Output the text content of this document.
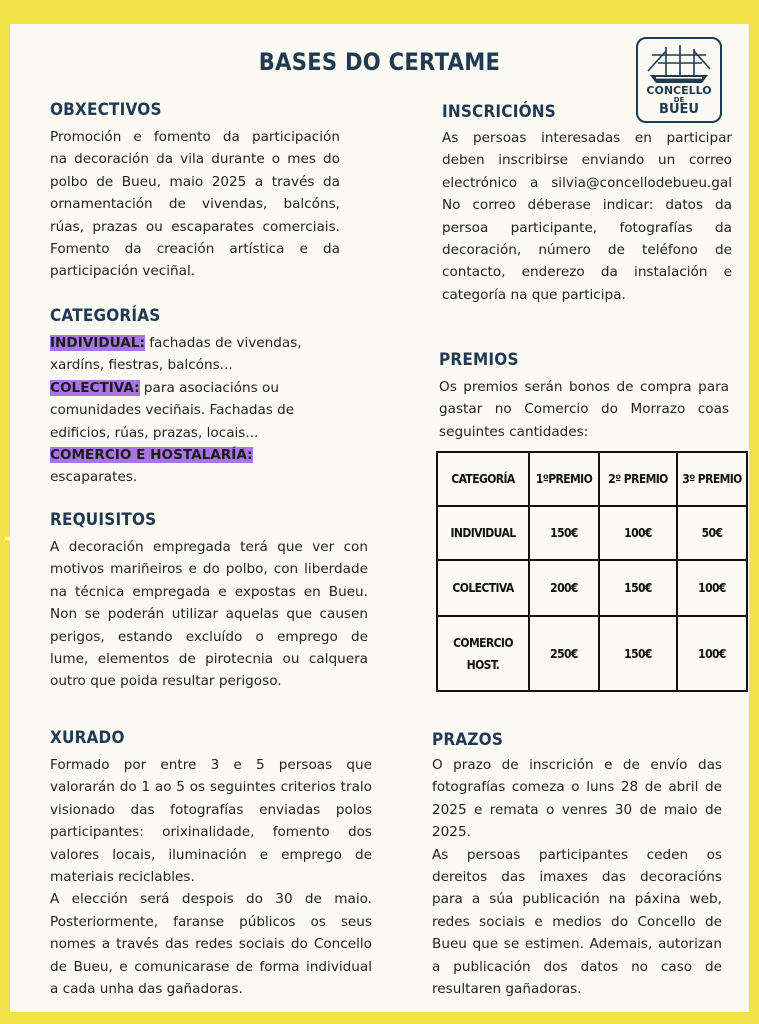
BASES DO CERTAME
CONCELLO
DE
BUEU
OBXECTIVOS
Promoción e fomento da participación
na decoración da vila durante o mes do
polbo de Bueu, maio 2025 a través da
ornamentación de vivendas, balcóns,
rúas, prazas ou escaparates comerciais.
Fomento da creación artística e da
participación veciñal.
CATEGORÍAS
INDIVIDUAL: fachadas de vivendas,
xardíns, fiestras, balcóns...
COLECTIVA: para asociacións ou
comunidades veciñais. Fachadas de
edificios, rúas, prazas, locais...
COMERCIO E HOSTALARÍA:
escaparates.
REQUISITOS
A decoración empregada terá que ver con
motivos mariñeiros e do polbo, con liberdade
na técnica empregada e expostas en Bueu.
Non se poderán utilizar aquelas que causen
perigos, estando excluído o emprego de
lume, elementos de pirotecnia ou calquera
outro que poida resultar perigoso.
XURADO
Formado por entre 3 e 5 persoas que
valorarán do 1 ao 5 os seguintes criterios tralo
visionado das fotografías enviadas polos
participantes: orixinalidade, fomento dos
valores locais, iluminación e emprego de
materiais reciclables.
A elección será despois do 30 de maio.
Posteriormente, faranse públicos os seus
nomes a través das redes sociais do Concello
de Bueu, e comunicarase de forma individual
a cada unha das gañadoras.
INSCRICIÓNS
As persoas interesadas en participar
deben inscribirse enviando un correo
electrónico a silvia@concellodebueu.gal
No correo déberase indicar: datos da
persoa participante, fotografías da
decoración, número de teléfono de
contacto, enderezo da instalación e
categoría na que participa.
PREMIOS
Os premios serán bonos de compra para
gastar no Comercio do Morrazo coas
seguintes cantidades:
CATEGORÍA	1ºPREMIO	2º PREMIO	3º PREMIO
INDIVIDUAL	150€	100€	50€
COLECTIVA	200€	150€	100€
COMERCIO HOST.	250€	150€	100€
PRAZOS
O prazo de inscrición e de envío das
fotografías comeza o luns 28 de abril de
2025 e remata o venres 30 de maio de
2025.
As persoas participantes ceden os
dereitos das imaxes das decoracións
para a súa publicación na páxina web,
redes sociais e medios do Concello de
Bueu que se estimen. Ademais, autorizan
a publicación dos datos no caso de
resultaren gañadoras.
